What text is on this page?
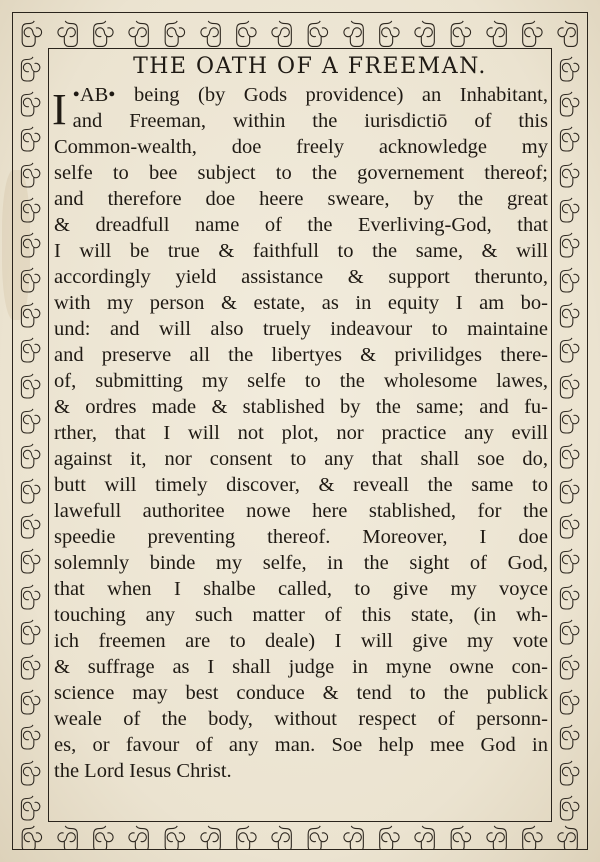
ꩺ ꩺ ꩺ ꩺ ꩺ ꩺ ꩺ ꩺ ꩺ ꩺ ꩺ ꩺ ꩺ ꩺ ꩺ ꩺ
ꩺ ꩺ ꩺ ꩺ ꩺ ꩺ ꩺ ꩺ ꩺ ꩺ ꩺ ꩺ ꩺ ꩺ ꩺ ꩺ
ꩺ
ꩺ
ꩺ
ꩺ
ꩺ
ꩺ
ꩺ
ꩺ
ꩺ
ꩺ
ꩺ
ꩺ
ꩺ
ꩺ
ꩺ
ꩺ
ꩺ
ꩺ
ꩺ
ꩺ
ꩺ
ꩺ
ꩺ
ꩺ
ꩺ
ꩺ
ꩺ
ꩺ
ꩺ
ꩺ
ꩺ
ꩺ
ꩺ
ꩺ
ꩺ
ꩺ
ꩺ
ꩺ
ꩺ
ꩺ
ꩺ
ꩺ
ꩺ
ꩺ
THE OATH OF A FREEMAN.
I •AB• being (by Gods providence) an Inhabitant,
and Freeman, within the iurisdictiō of this
Common-wealth, doe freely acknowledge my
selfe to bee subject to the governement thereof;
and therefore doe heere sweare, by the great
& dreadfull name of the Everliving-God, that
I will be true & faithfull to the same, & will
accordingly yield assistance & support therunto,
with my person & estate, as in equity I am bo-
und: and will also truely indeavour to maintaine
and preserve all the libertyes & privilidges there-
of, submitting my selfe to the wholesome lawes,
& ordres made & stablished by the same; and fu-
rther, that I will not plot, nor practice any evill
against it, nor consent to any that shall soe do,
butt will timely discover, & reveall the same to
lawefull authoritee nowe here stablished, for the
speedie preventing thereof. Moreover, I doe
solemnly binde my selfe, in the sight of God,
that when I shalbe called, to give my voyce
touching any such matter of this state, (in wh-
ich freemen are to deale) I will give my vote
& suffrage as I shall judge in myne owne con-
science may best conduce & tend to the publick
weale of the body, without respect of personn-
es, or favour of any man. Soe help mee God in
the Lord Iesus Christ.
